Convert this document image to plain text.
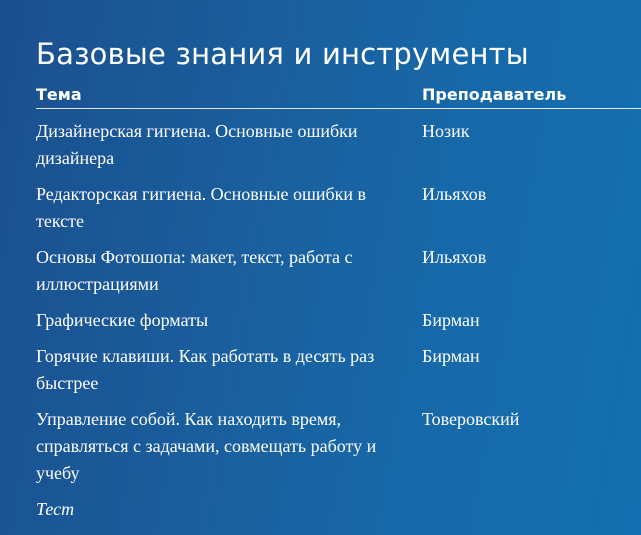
Базовые знания и инструменты
Тема	Преподаватель
Дизайнерская гигиена. Основные ошибки дизайнера
Нозик
Редакторская гигиена. Основные ошибки в тексте
Ильяхов
Основы Фотошопа: макет, текст, работа с иллюстрациями
Ильяхов
Графические форматы	Бирман
Горячие клавиши. Как работать в десять раз быстрее
Бирман
Управление собой. Как находить время, справляться с задачами, совмещать работу и учебу
Товеровский
Тест
